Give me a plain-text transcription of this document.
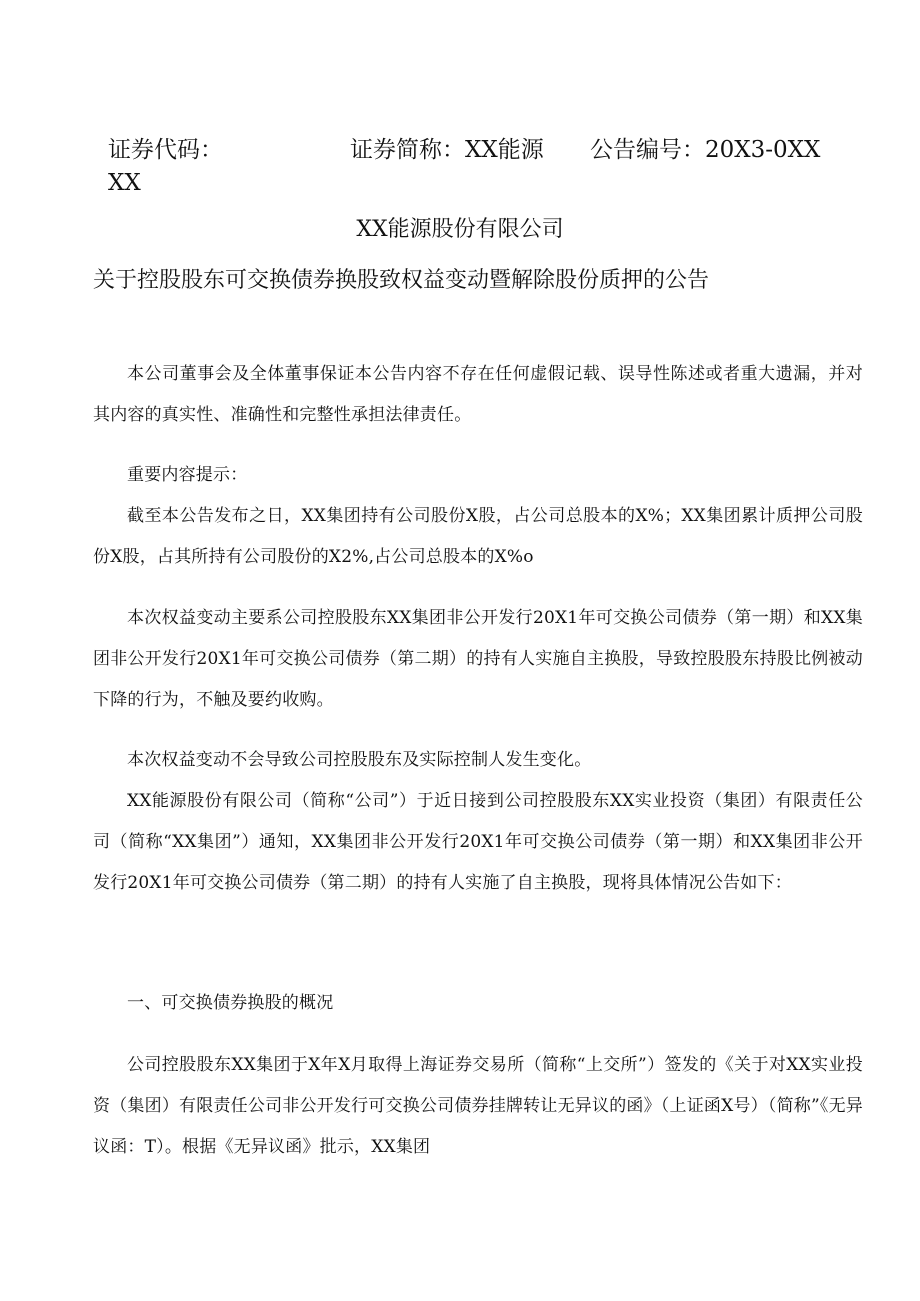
证券代码：	证券简称：XX能源 公告编号：20X3-0XX
XX
XX能源股份有限公司
关于控股股东可交换债券换股致权益变动暨解除股份质押的公告

本公司董事会及全体董事保证本公告内容不存在任何虚假记载、误导性陈述或者重大遗漏，并对其内容的真实性、准确性和完整性承担法律责任。

重要内容提示：

截至本公告发布之日，XX集团持有公司股份X股，占公司总股本的X%；XX集团累计质押公司股份X股，占其所持有公司股份的X2%,占公司总股本的X%o

本次权益变动主要系公司控股股东XX集团非公开发行20X1年可交换公司债券（第一期）和XX集团非公开发行20X1年可交换公司债券（第二期）的持有人实施自主换股，导致控股股东持股比例被动下降的行为，不触及要约收购。

本次权益变动不会导致公司控股股东及实际控制人发生变化。

XX能源股份有限公司（简称“公司”）于近日接到公司控股股东XX实业投资（集团）有限责任公司（简称“XX集团”）通知，XX集团非公开发行20X1年可交换公司债券（第一期）和XX集团非公开发行20X1年可交换公司债券（第二期）的持有人实施了自主换股，现将具体情况公告如下：

一、可交换债券换股的概况

公司控股股东XX集团于X年X月取得上海证券交易所（简称“上交所”）签发的《关于对XX实业投资（集团）有限责任公司非公开发行可交换公司债券挂牌转让无异议的函》（上证函X号）（简称”《无异议函：T）。根据《无异议函》批示，XX集团
